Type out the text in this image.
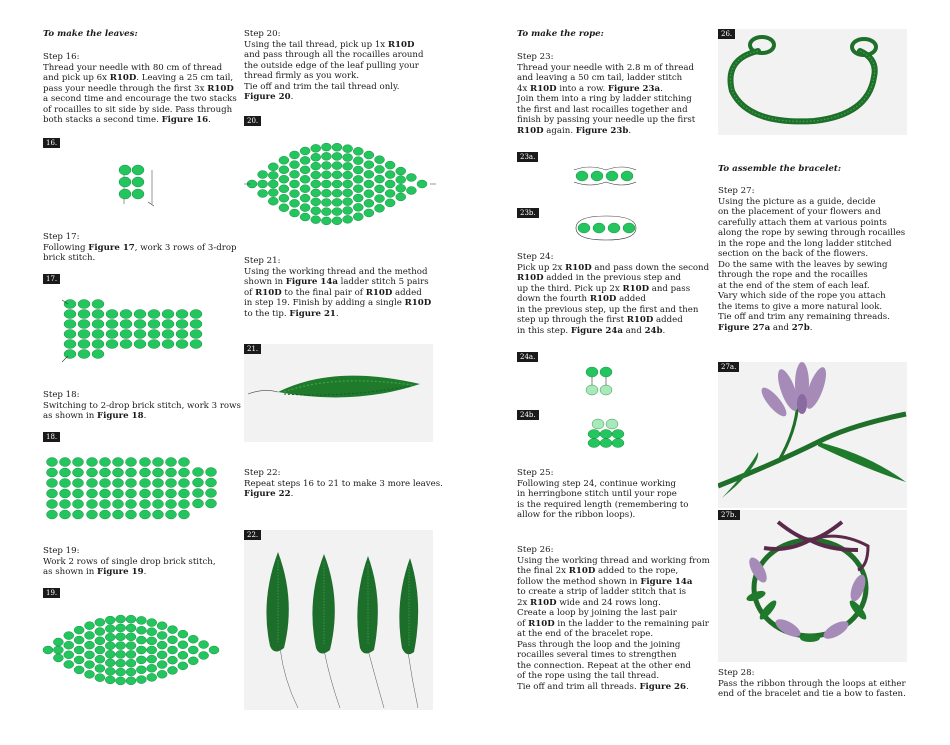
To make the leaves:
Step 16:
Thread your needle with 80 cm of thread
and pick up 6x R10D. Leaving a 25 cm tail,
pass your needle through the first 3x R10D
a second time and encourage the two stacks
of rocailles to sit side by side. Pass through
both stacks a second time. Figure 16.
16.
Step 17:
Following Figure 17, work 3 rows of 3-drop
brick stitch.
17.
Step 18:
Switching to 2-drop brick stitch, work 3 rows
as shown in Figure 18.
18.
Step 19:
Work 2 rows of single drop brick stitch,
as shown in Figure 19.
19.
Step 20:
Using the tail thread, pick up 1x R10D
and pass through all the rocailles around
the outside edge of the leaf pulling your
thread firmly as you work.
Tie off and trim the tail thread only.
Figure 20.
20.
Step 21:
Using the working thread and the method
shown in Figure 14a ladder stitch 5 pairs
of R10D to the final pair of R10D added
in step 19. Finish by adding a single R10D
to the tip. Figure 21.
21.
Step 22:
Repeat steps 16 to 21 to make 3 more leaves.
Figure 22.
22.
To make the rope:
Step 23:
Thread your needle with 2.8 m of thread
and leaving a 50 cm tail, ladder stitch
4x R10D into a row. Figure 23a.
Join them into a ring by ladder stitching
the first and last rocailles together and
finish by passing your needle up the first
R10D again. Figure 23b.
23a.
23b.
Step 24:
Pick up 2x R10D and pass down the second
R10D added in the previous step and
up the third. Pick up 2x R10D and pass
down the fourth R10D added
in the previous step, up the first and then
step up through the first R10D added
in this step. Figure 24a and 24b.
24a.
24b.
Step 25:
Following step 24, continue working
in herringbone stitch until your rope
is the required length (remembering to
allow for the ribbon loops).
Step 26:
Using the working thread and working from
the final 2x R10D added to the rope,
follow the method shown in Figure 14a
to create a strip of ladder stitch that is
2x R10D wide and 24 rows long.
Create a loop by joining the last pair
of R10D in the ladder to the remaining pair
at the end of the bracelet rope.
Pass through the loop and the joining
rocailles several times to strengthen
the connection. Repeat at the other end
of the rope using the tail thread.
Tie off and trim all threads. Figure 26.
26.
To assemble the bracelet:
Step 27:
Using the picture as a guide, decide
on the placement of your flowers and
carefully attach them at various points
along the rope by sewing through rocailles
in the rope and the long ladder stitched
section on the back of the flowers.
Do the same with the leaves by sewing
through the rope and the rocailles
at the end of the stem of each leaf.
Vary which side of the rope you attach
the items to give a more natural look.
Tie off and trim any remaining threads.
Figure 27a and 27b.
27a.
27b.
Step 28:
Pass the ribbon through the loops at either
end of the bracelet and tie a bow to fasten.
